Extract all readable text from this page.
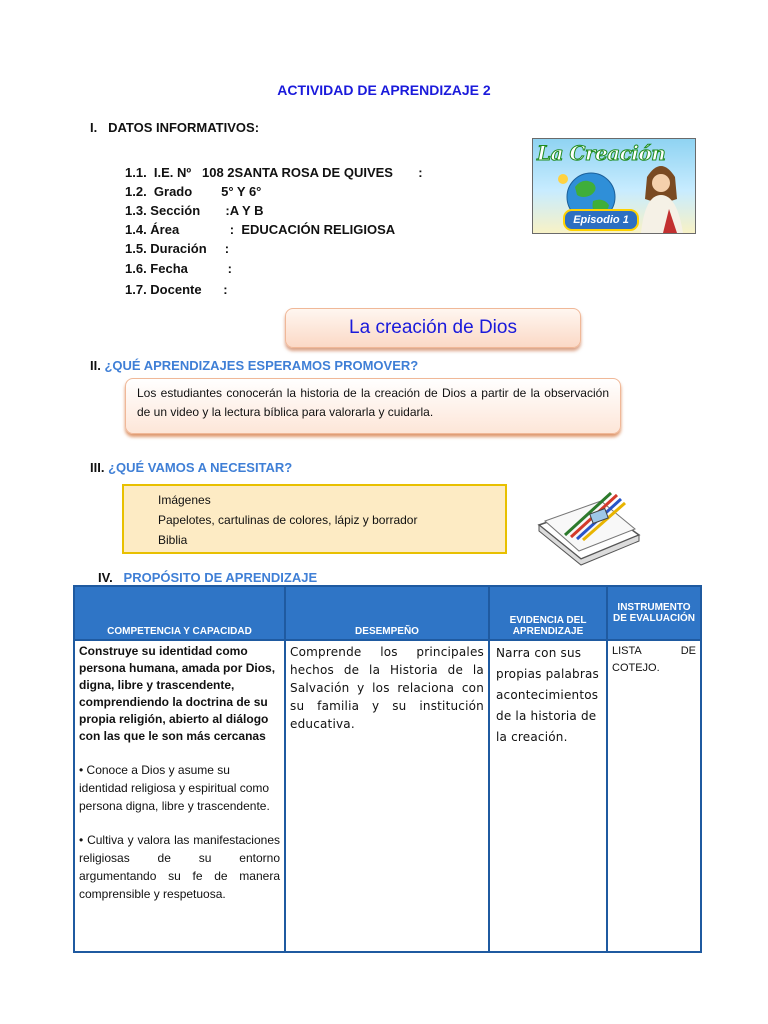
ACTIVIDAD DE APRENDIZAJE 2
I. DATOS INFORMATIVOS:
1.1.  I.E. Nº   108 2SANTA ROSA DE QUIVES       :
1.2.  Grado        5° Y 6°
1.3. Sección       :A Y B
1.4. Área              :  EDUCACIÓN RELIGIOSA
1.5. Duración     :
1.6. Fecha           :
1.7. Docente      :
La Creación
Episodio 1
La creación de Dios
II. ¿QUÉ APRENDIZAJES ESPERAMOS PROMOVER?
Los estudiantes conocerán la historia de la creación de Dios a partir de la observación de un video y la lectura bíblica para valorarla y cuidarla.
III. ¿QUÉ VAMOS A NECESITAR?
Imágenes
Papelotes, cartulinas de colores, lápiz y borrador
Biblia
IV. PROPÓSITO DE APRENDIZAJE
COMPETENCIA Y CAPACIDAD	DESEMPEÑO	EVIDENCIA DEL APRENDIZAJE	INSTRUMENTO DE EVALUACIÓN

Construye su identidad como persona humana, amada por Dios, digna, libre y trascendente, comprendiendo la doctrina de su propia religión, abierto al diálogo con las que le son más cercanas
• Conoce a Dios y asume su identidad religiosa y espiritual como persona digna, libre y trascendente.
• Cultiva y valora las manifestaciones religiosas de su entorno argumentando su fe de manera comprensible y respetuosa.	Comprende los principales hechos de la Historia de la Salvación y los relaciona con su familia y su institución educativa.	Narra con sus propias palabras acontecimientos de la historia de la creación.	LISTA DE COTEJO.
